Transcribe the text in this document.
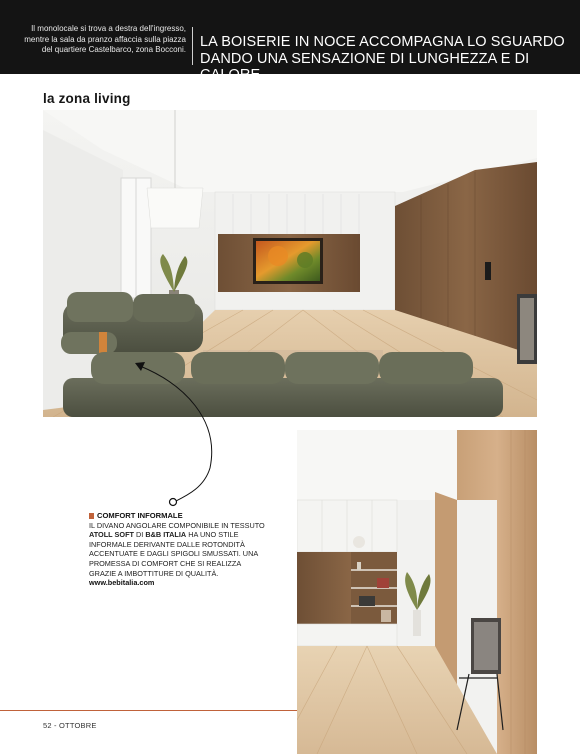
Il monolocale si trova a destra dell'ingresso, mentre la sala da pranzo affaccia sulla piazza del quartiere Castelbarco, zona Bocconi. LA BOISERIE IN NOCE ACCOMPAGNA LO SGUARDO DANDO UNA SENSAZIONE DI LUNGHEZZA E DI CALORE
la zona living
COMFORT INFORMALE
IL DIVANO ANGOLARE COMPONIBILE IN TESSUTO ATOLL SOFT DI B&B ITALIA HA UNO STILE INFORMALE DERIVANTE DALLE ROTONDITÀ ACCENTUATE E DAGLI SPIGOLI SMUSSATI. UNA PROMESSA DI COMFORT CHE SI REALIZZA GRAZIE A IMBOTTITURE DI QUALITÀ.
www.bebitalia.com
52 - OTTOBRE
